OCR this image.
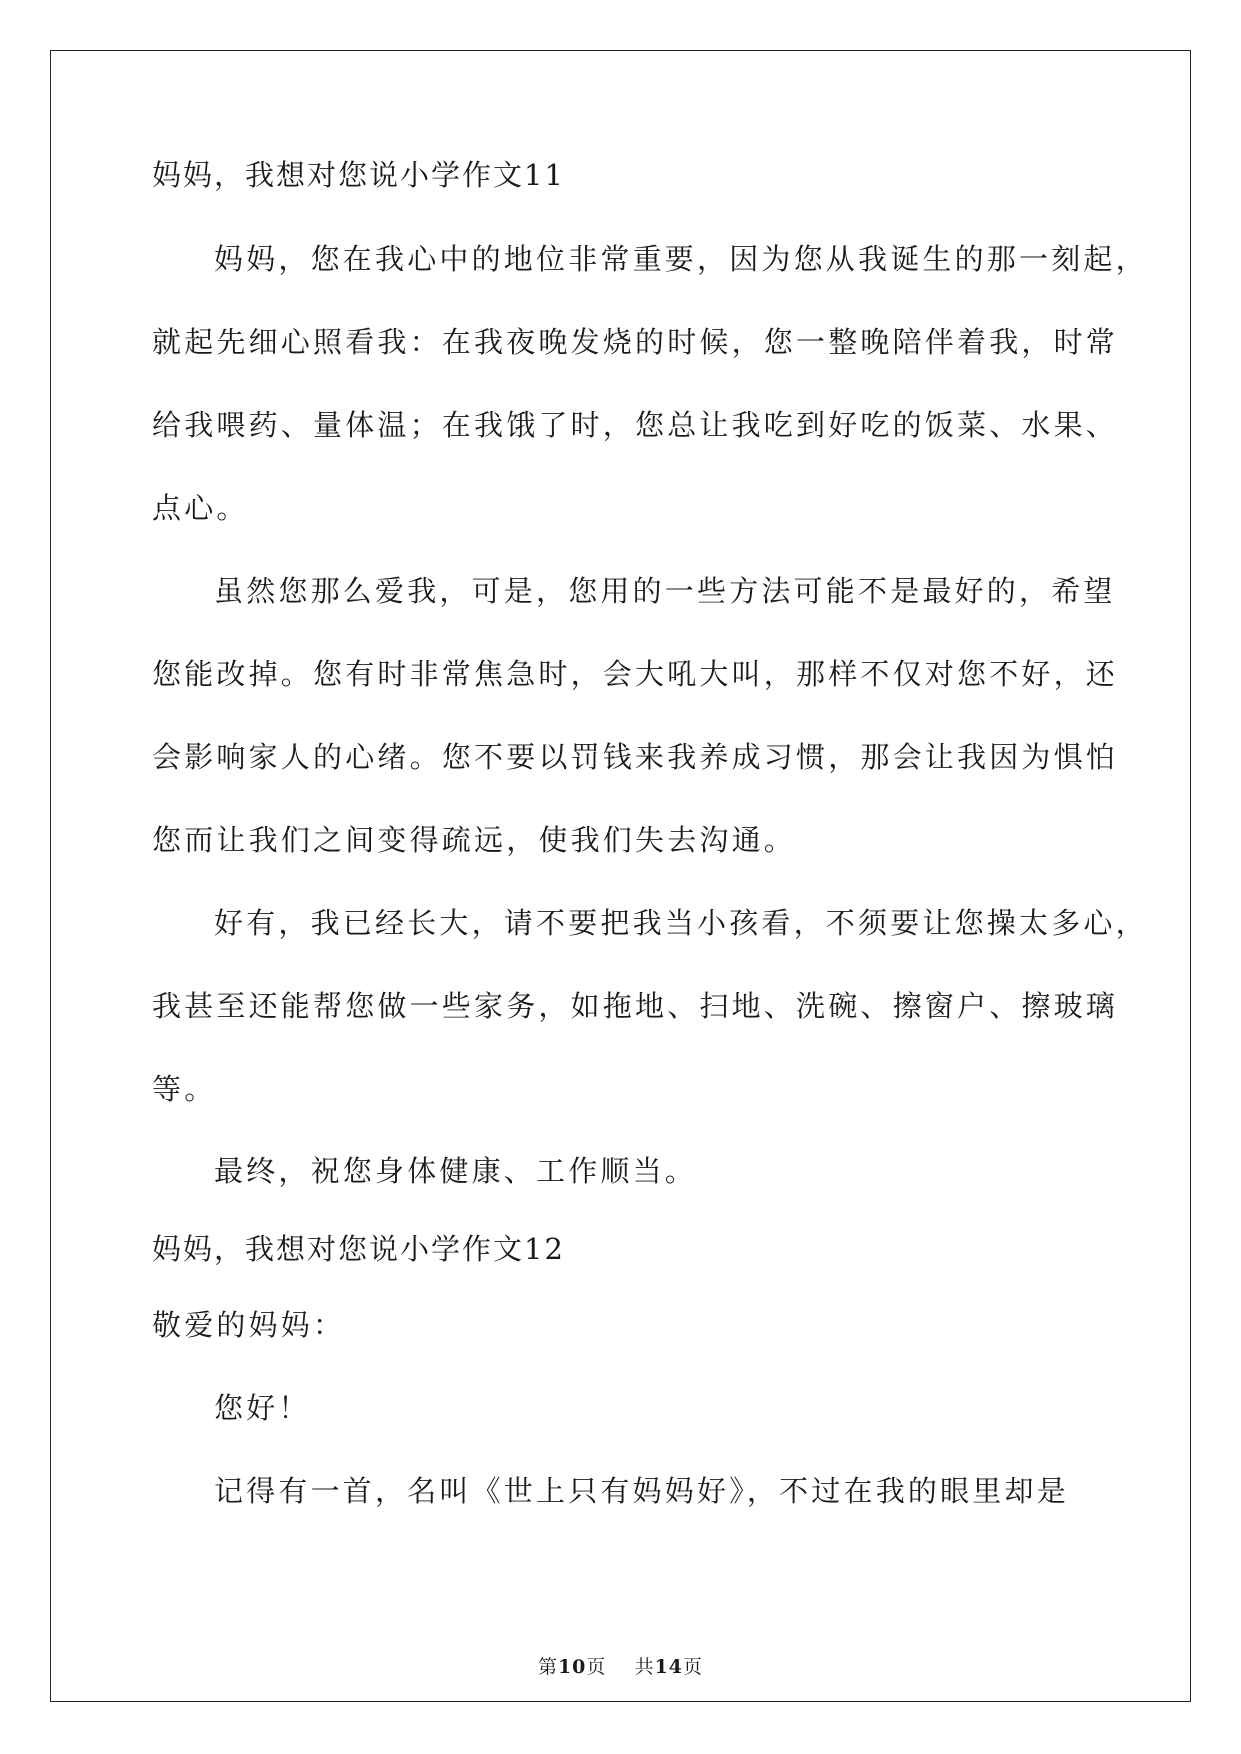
妈妈，我想对您说小学作文11

妈妈，您在我心中的地位非常重要，因为您从我诞生的那一刻起，

就起先细心照看我：在我夜晚发烧的时候，您一整晚陪伴着我，时常

给我喂药、量体温；在我饿了时，您总让我吃到好吃的饭菜、水果、

点心。

虽然您那么爱我，可是，您用的一些方法可能不是最好的，希望

您能改掉。您有时非常焦急时，会大吼大叫，那样不仅对您不好，还

会影响家人的心绪。您不要以罚钱来我养成习惯，那会让我因为惧怕

您而让我们之间变得疏远，使我们失去沟通。

好有，我已经长大，请不要把我当小孩看，不须要让您操太多心，

我甚至还能帮您做一些家务，如拖地、扫地、洗碗、擦窗户、擦玻璃

等。

最终，祝您身体健康、工作顺当。

妈妈，我想对您说小学作文12

敬爱的妈妈：

您好！

记得有一首，名叫《世上只有妈妈好》，不过在我的眼里却是

第10页    共14页
